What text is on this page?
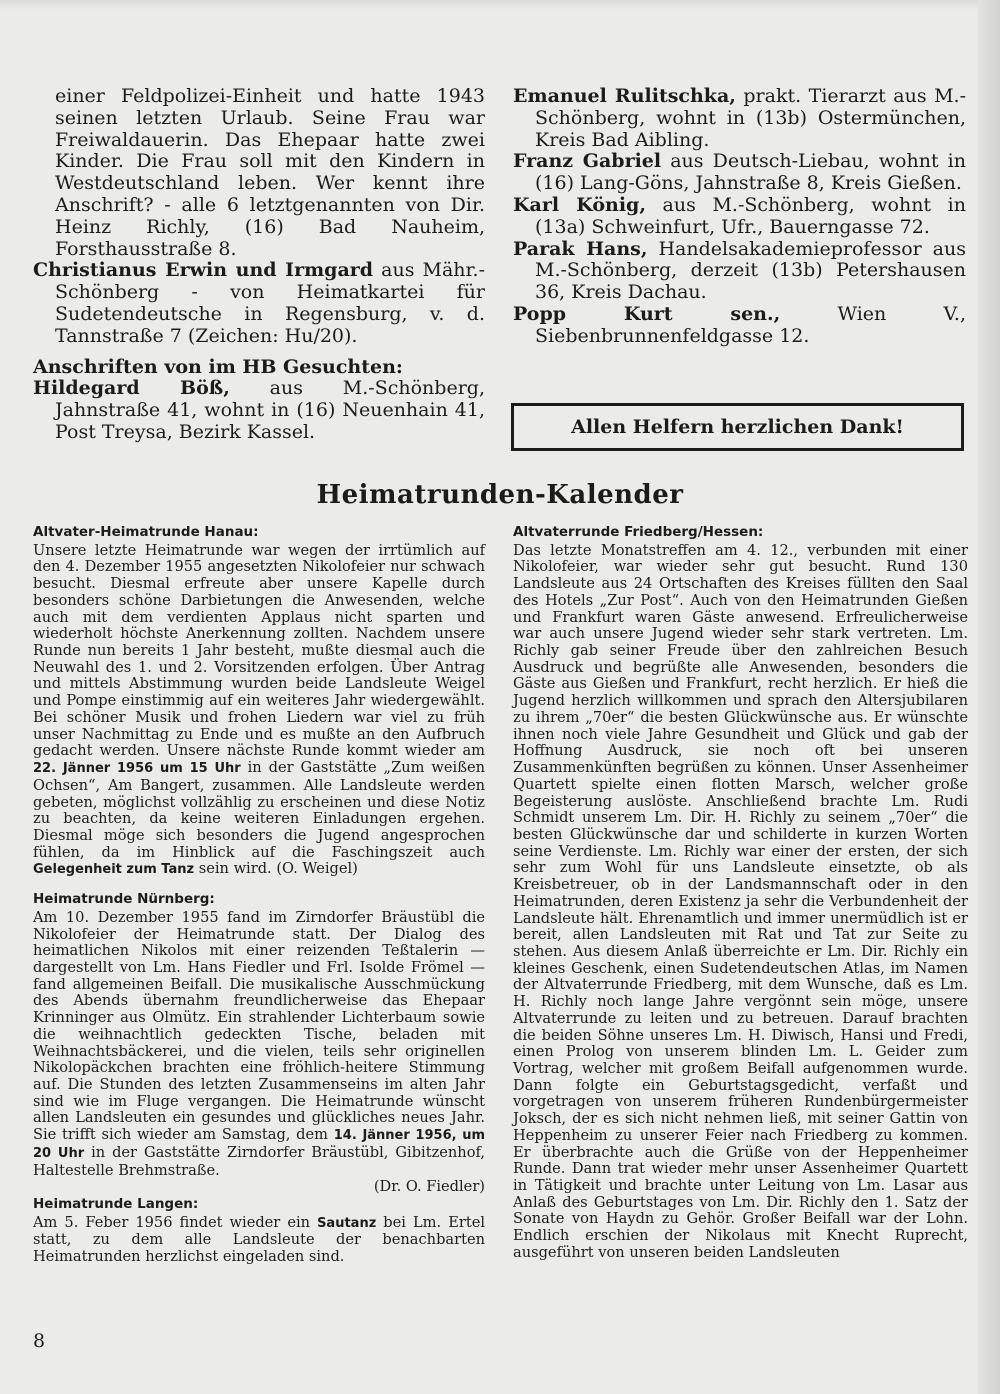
einer Feldpolizei-Einheit und hatte 1943 seinen letzten Urlaub. Seine Frau war Freiwaldauerin. Das Ehepaar hatte zwei Kinder. Die Frau soll mit den Kindern in Westdeutschland leben. Wer kennt ihre Anschrift? - alle 6 letztgenannten von Dir. Heinz Richly, (16) Bad Nauheim, Forsthausstraße 8.

Christianus Erwin und Irmgard aus Mähr.-Schönberg - von Heimatkartei für Sudetendeutsche in Regensburg, v. d. Tannstraße 7 (Zeichen: Hu/20).

Anschriften von im HB Gesuchten:

Hildegard Böß, aus M.-Schönberg, Jahnstraße 41, wohnt in (16) Neuenhain 41, Post Treysa, Bezirk Kassel.

Emanuel Rulitschka, prakt. Tierarzt aus M.-Schönberg, wohnt in (13b) Ostermünchen, Kreis Bad Aibling.

Franz Gabriel aus Deutsch-Liebau, wohnt in (16) Lang-Göns, Jahnstraße 8, Kreis Gießen.

Karl König, aus M.-Schönberg, wohnt in (13a) Schweinfurt, Ufr., Bauerngasse 72.

Parak Hans, Handelsakademieprofessor aus M.-Schönberg, derzeit (13b) Petershausen 36, Kreis Dachau.

Popp Kurt sen., Wien V., Siebenbrunnenfeldgasse 12.

Allen Helfern herzlichen Dank!
Heimatrunden-Kalender

Altvater-Heimatrunde Hanau:

Unsere letzte Heimatrunde war wegen der irrtümlich auf den 4. Dezember 1955 angesetzten Nikolofeier nur schwach besucht. Diesmal erfreute aber unsere Kapelle durch besonders schöne Darbietungen die Anwesenden, welche auch mit dem verdienten Applaus nicht sparten und wiederholt höchste Anerkennung zollten. Nachdem unsere Runde nun bereits 1 Jahr besteht, mußte diesmal auch die Neuwahl des 1. und 2. Vorsitzenden erfolgen. Über Antrag und mittels Abstimmung wurden beide Landsleute Weigel und Pompe einstimmig auf ein weiteres Jahr wiedergewählt. Bei schöner Musik und frohen Liedern war viel zu früh unser Nachmittag zu Ende und es mußte an den Aufbruch gedacht werden. Unsere nächste Runde kommt wieder am 22. Jänner 1956 um 15 Uhr in der Gaststätte „Zum weißen Ochsen“, Am Bangert, zusammen. Alle Landsleute werden gebeten, möglichst vollzählig zu erscheinen und diese Notiz zu beachten, da keine weiteren Einladungen ergehen. Diesmal möge sich besonders die Jugend angesprochen fühlen, da im Hinblick auf die Faschingszeit auch Gelegenheit zum Tanz sein wird. (O. Weigel)

Heimatrunde Nürnberg:

Am 10. Dezember 1955 fand im Zirndorfer Bräustübl die Nikolofeier der Heimatrunde statt. Der Dialog des heimatlichen Nikolos mit einer reizenden Teßtalerin — dargestellt von Lm. Hans Fiedler und Frl. Isolde Frömel — fand allgemeinen Beifall. Die musikalische Ausschmückung des Abends übernahm freundlicherweise das Ehepaar Krinninger aus Olmütz. Ein strahlender Lichterbaum sowie die weihnachtlich gedeckten Tische, beladen mit Weihnachtsbäckerei, und die vielen, teils sehr originellen Nikolopäckchen brachten eine fröhlich-heitere Stimmung auf. Die Stunden des letzten Zusammenseins im alten Jahr sind wie im Fluge vergangen. Die Heimatrunde wünscht allen Landsleuten ein gesundes und glückliches neues Jahr. Sie trifft sich wieder am Samstag, dem 14. Jänner 1956, um 20 Uhr in der Gaststätte Zirndorfer Bräustübl, Gibitzenhof, Haltestelle Brehmstraße.

(Dr. O. Fiedler)

Heimatrunde Langen:

Am 5. Feber 1956 findet wieder ein Sautanz bei Lm. Ertel statt, zu dem alle Landsleute der benachbarten Heimatrunden herzlichst eingeladen sind.

Altvaterrunde Friedberg/Hessen:

Das letzte Monatstreffen am 4. 12., verbunden mit einer Nikolofeier, war wieder sehr gut besucht. Rund 130 Landsleute aus 24 Ortschaften des Kreises füllten den Saal des Hotels „Zur Post“. Auch von den Heimatrunden Gießen und Frankfurt waren Gäste anwesend. Erfreulicherweise war auch unsere Jugend wieder sehr stark vertreten. Lm. Richly gab seiner Freude über den zahlreichen Besuch Ausdruck und begrüßte alle Anwesenden, besonders die Gäste aus Gießen und Frankfurt, recht herzlich. Er hieß die Jugend herzlich willkommen und sprach den Altersjubilaren zu ihrem „70er“ die besten Glückwünsche aus. Er wünschte ihnen noch viele Jahre Gesundheit und Glück und gab der Hoffnung Ausdruck, sie noch oft bei unseren Zusammenkünften begrüßen zu können. Unser Assenheimer Quartett spielte einen flotten Marsch, welcher große Begeisterung auslöste. Anschließend brachte Lm. Rudi Schmidt unserem Lm. Dir. H. Richly zu seinem „70er“ die besten Glückwünsche dar und schilderte in kurzen Worten seine Verdienste. Lm. Richly war einer der ersten, der sich sehr zum Wohl für uns Landsleute einsetzte, ob als Kreisbetreuer, ob in der Landsmannschaft oder in den Heimatrunden, deren Existenz ja sehr die Verbundenheit der Landsleute hält. Ehrenamtlich und immer unermüdlich ist er bereit, allen Landsleuten mit Rat und Tat zur Seite zu stehen. Aus diesem Anlaß überreichte er Lm. Dir. Richly ein kleines Geschenk, einen Sudetendeutschen Atlas, im Namen der Altvaterrunde Friedberg, mit dem Wunsche, daß es Lm. H. Richly noch lange Jahre vergönnt sein möge, unsere Altvaterrunde zu leiten und zu betreuen. Darauf brachten die beiden Söhne unseres Lm. H. Diwisch, Hansi und Fredi, einen Prolog von unserem blinden Lm. L. Geider zum Vortrag, welcher mit großem Beifall aufgenommen wurde. Dann folgte ein Geburtstagsgedicht, verfaßt und vorgetragen von unserem früheren Rundenbürgermeister Joksch, der es sich nicht nehmen ließ, mit seiner Gattin von Heppenheim zu unserer Feier nach Friedberg zu kommen. Er überbrachte auch die Grüße von der Heppenheimer Runde. Dann trat wieder mehr unser Assenheimer Quartett in Tätigkeit und brachte unter Leitung von Lm. Lasar aus Anlaß des Geburtstages von Lm. Dir. Richly den 1. Satz der Sonate von Haydn zu Gehör. Großer Beifall war der Lohn. Endlich erschien der Nikolaus mit Knecht Ruprecht, ausgeführt von unseren beiden Landsleuten

8
